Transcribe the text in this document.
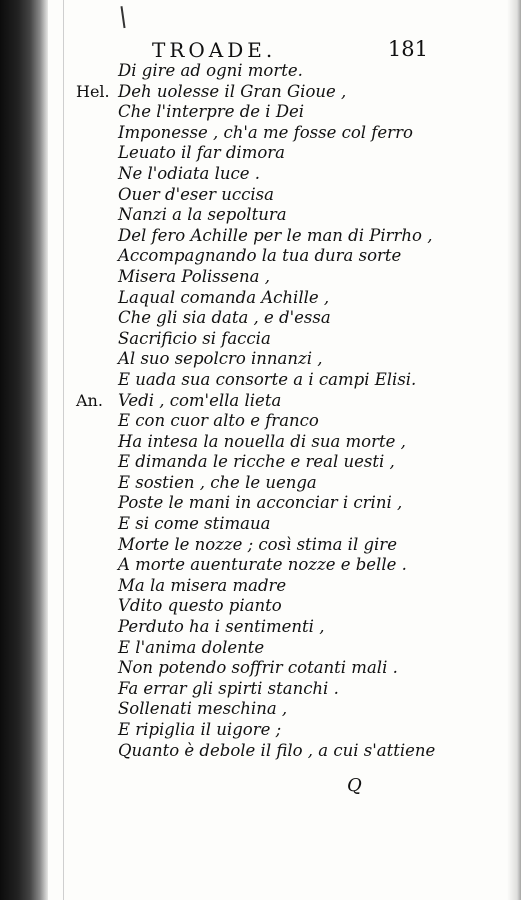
TROADE.	181
Di gire ad ogni morte.
Hel. Deh uolesse il Gran Gioue ,
Che l'interpre de i Dei
Imponesse , ch'a me fosse col ferro
Leuato il far dimora
Ne l'odiata luce .
Ouer d'eser uccisa
Nanzi a la sepoltura
Del fero Achille per le man di Pirrho ,
Accompagnando la tua dura sorte
Misera Polissena ,
Laqual comanda Achille ,
Che gli sia data , e d'essa
Sacrificio si faccia
Al suo sepolcro innanzi ,
E uada sua consorte a i campi Elisi.
An. Vedi , com'ella lieta
E con cuor alto e franco
Ha intesa la nouella di sua morte ,
E dimanda le ricche e real uesti ,
E sostien , che le uenga
Poste le mani in acconciar i crini ,
E si come stimaua
Morte le nozze ; così stima il gire
A morte auenturate nozze e belle .
Ma la misera madre
Vdito questo pianto
Perduto ha i sentimenti ,
E l'anima dolente
Non potendo soffrir cotanti mali .
Fa errar gli spirti stanchi .
Sollenati meschina ,
E ripiglia il uigore ;
Quanto è debole il filo , a cui s'attiene
Q
